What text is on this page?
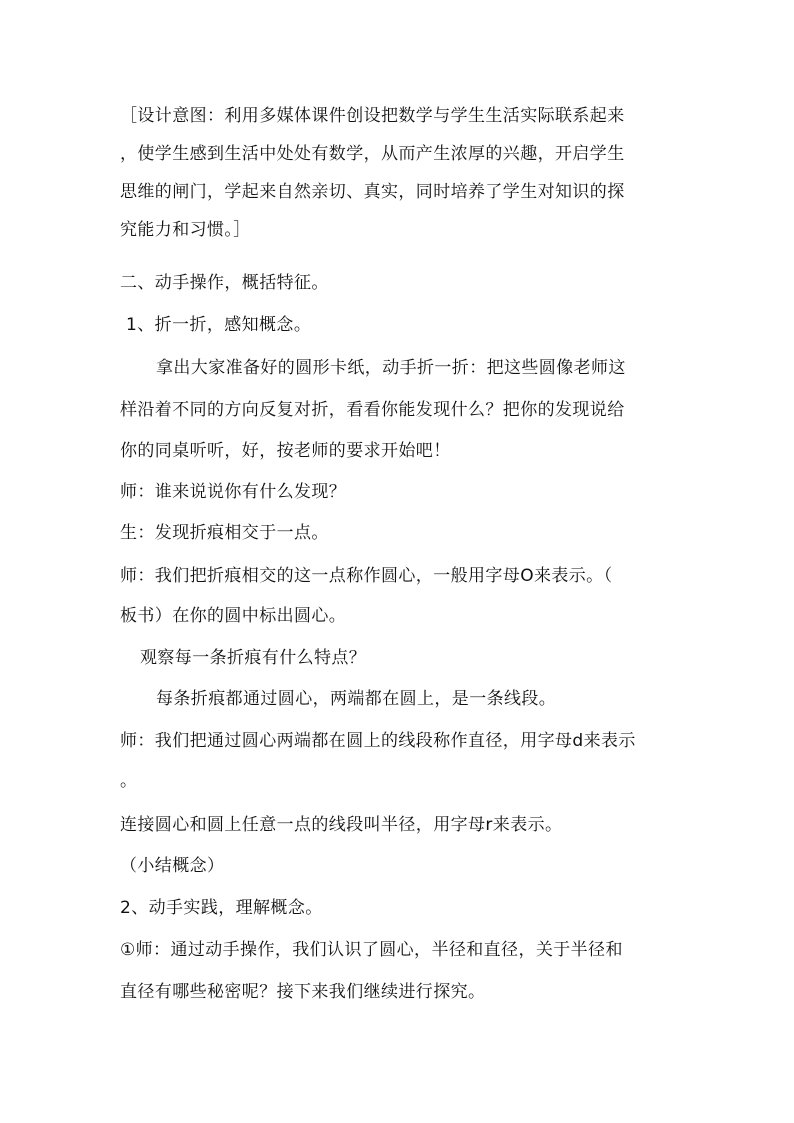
［设计意图：利用多媒体课件创设把数学与学生生活实际联系起来
，使学生感到生活中处处有数学，从而产生浓厚的兴趣，开启学生
思维的闸门，学起来自然亲切、真实，同时培养了学生对知识的探
究能力和习惯。］
二、动手操作，概括特征。
1、折一折，感知概念。
拿出大家准备好的圆形卡纸，动手折一折：把这些圆像老师这
样沿着不同的方向反复对折，看看你能发现什么？把你的发现说给
你的同桌听听，好，按老师的要求开始吧！
师：谁来说说你有什么发现？
生：发现折痕相交于一点。
师：我们把折痕相交的这一点称作圆心，一般用字母O来表示。（
板书）在你的圆中标出圆心。
观察每一条折痕有什么特点？
每条折痕都通过圆心，两端都在圆上，是一条线段。
师：我们把通过圆心两端都在圆上的线段称作直径，用字母d来表示
。
连接圆心和圆上任意一点的线段叫半径，用字母r来表示。
（小结概念）
2、动手实践，理解概念。
①师：通过动手操作，我们认识了圆心，半径和直径，关于半径和
直径有哪些秘密呢？接下来我们继续进行探究。
